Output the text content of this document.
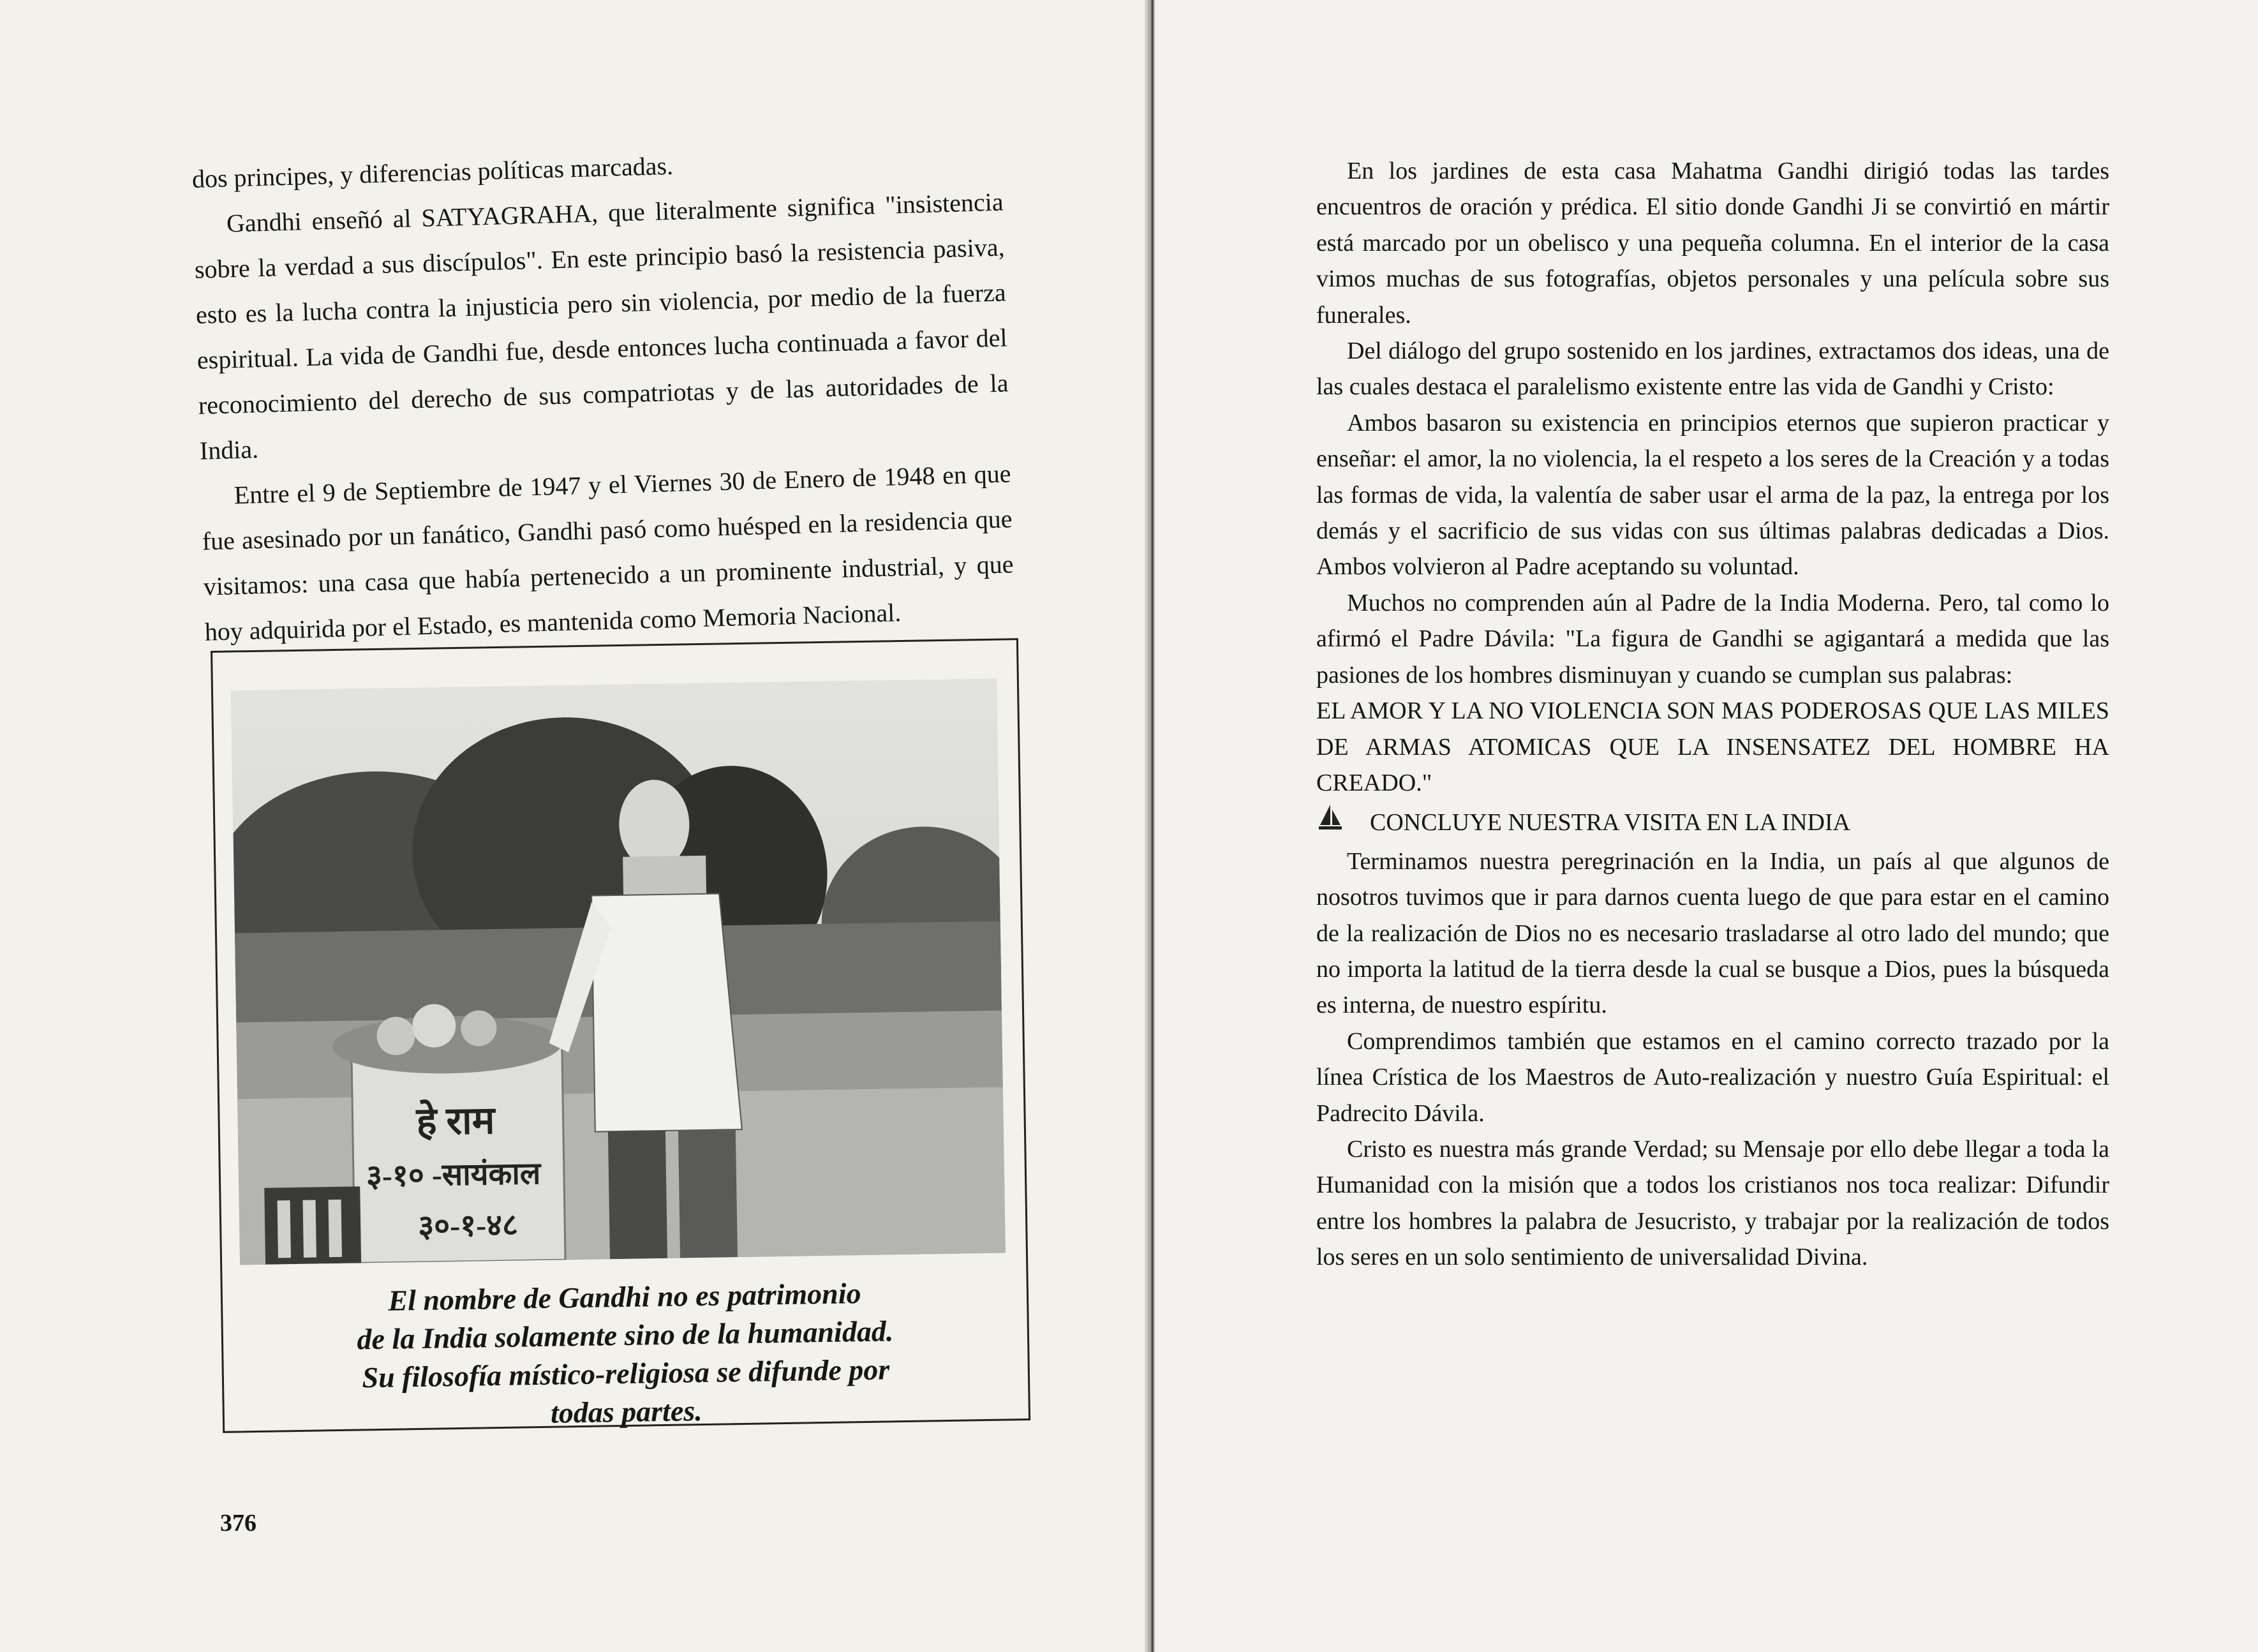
dos principes, y diferencias políticas marcadas.

Gandhi enseñó al SATYAGRAHA, que literalmente significa "insistencia sobre la verdad a sus discípulos". En este principio basó la resistencia pasiva, esto es la lucha contra la injusticia pero sin violencia, por medio de la fuerza espiritual. La vida de Gandhi fue, desde entonces lucha continuada a favor del reconocimiento del derecho de sus compatriotas y de las autoridades de la India.

Entre el 9 de Septiembre de 1947 y el Viernes 30 de Enero de 1948 en que fue asesinado por un fanático, Gandhi pasó como huésped en la residencia que visitamos: una casa que había pertenecido a un prominente industrial, y que hoy adquirida por el Estado, es mantenida como Memoria Nacional.

हे राम
३-१० -सायंकाल
३०-१-४८

El nombre de Gandhi no es patrimonio

de la India solamente sino de la humanidad.

Su filosofía místico-religiosa se difunde por

todas partes.

376

En los jardines de esta casa Mahatma Gandhi dirigió todas las tardes encuentros de oración y prédica. El sitio donde Gandhi Ji se convirtió en mártir está marcado por un obelisco y una pequeña columna. En el interior de la casa vimos muchas de sus fotografías, objetos personales y una película sobre sus funerales.

Del diálogo del grupo sostenido en los jardines, extractamos dos ideas, una de las cuales destaca el paralelismo existente entre las vida de Gandhi y Cristo:

Ambos basaron su existencia en principios eternos que supieron practicar y enseñar: el amor, la no violencia, la el respeto a los seres de la Creación y a todas las formas de vida, la valentía de saber usar el arma de la paz, la entrega por los demás y el sacrificio de sus vidas con sus últimas palabras dedicadas a Dios. Ambos volvieron al Padre aceptando su voluntad.

Muchos no comprenden aún al Padre de la India Moderna. Pero, tal como lo afirmó el Padre Dávila: "La figura de Gandhi se agigantará a medida que las pasiones de los hombres disminuyan y cuando se cumplan sus palabras:

EL AMOR Y LA NO VIOLENCIA SON MAS PODEROSAS QUE LAS MILES DE ARMAS ATOMICAS QUE LA INSENSATEZ DEL HOMBRE HA CREADO."

CONCLUYE NUESTRA VISITA EN LA INDIA

Terminamos nuestra peregrinación en la India, un país al que algunos de nosotros tuvimos que ir para darnos cuenta luego de que para estar en el camino de la realización de Dios no es necesario trasladarse al otro lado del mundo; que no importa la latitud de la tierra desde la cual se busque a Dios, pues la búsqueda es interna, de nuestro espíritu.

Comprendimos también que estamos en el camino correcto trazado por la línea Crística de los Maestros de Auto-realización y nuestro Guía Espiritual: el Padrecito Dávila.

Cristo es nuestra más grande Verdad; su Mensaje por ello debe llegar a toda la Humanidad con la misión que a todos los cristianos nos toca realizar: Difundir entre los hombres la palabra de Jesucristo, y trabajar por la realización de todos los seres en un solo sentimiento de universalidad Divina.
